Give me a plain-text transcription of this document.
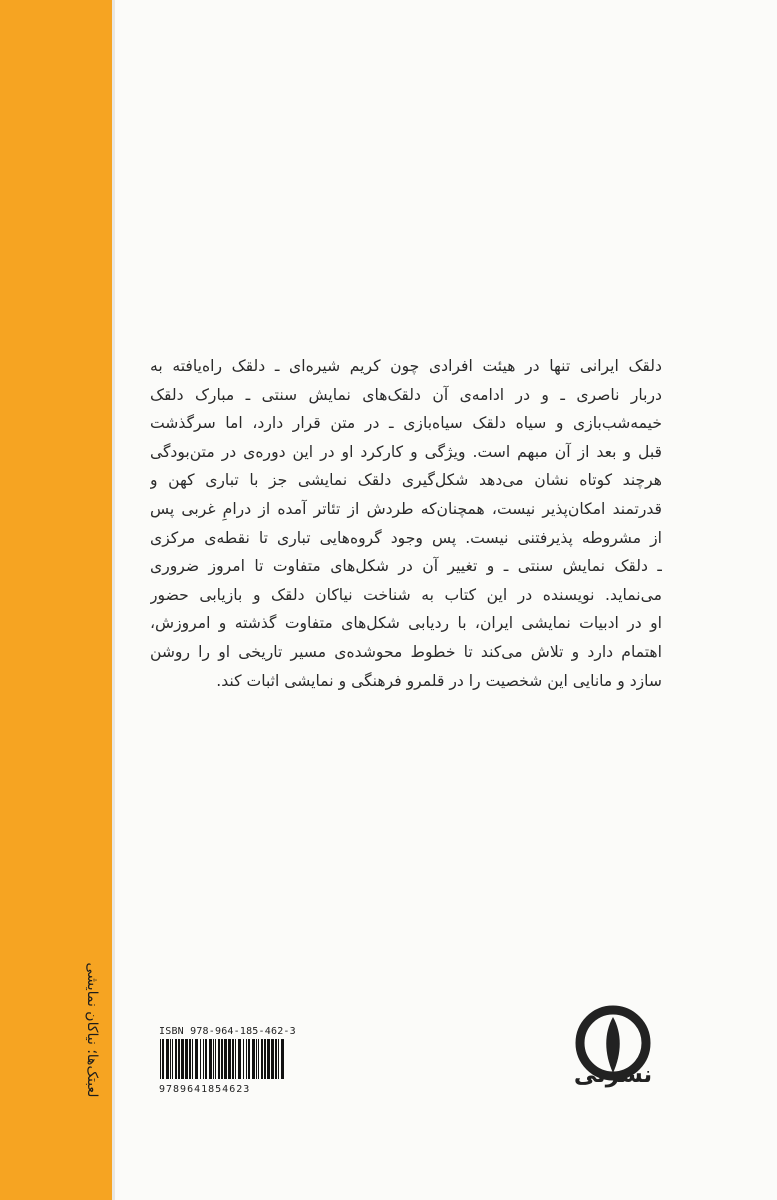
دلقک ایرانی تنها در هیئت افرادی چون کریم شیره‌ای ـ دلقک راه‌یافته به
دربار ناصری ـ و در ادامه‌ی آن دلقک‌های نمایش سنتی ـ مبارک دلقک
خیمه‌شب‌بازی و سیاه دلقک سیاه‌بازی ـ در متن قرار دارد، اما سرگذشت
قبل و بعد از آن مبهم است. ویژگی و کارکرد او در این دوره‌ی در متن‌بودگی
هرچند کوتاه نشان می‌دهد شکل‌گیری دلقک نمایشی جز با تباری کهن و
قدرتمند امکان‌پذیر نیست، همچنان‌که طردش از تئاتر آمده از درامِ غربی پس
از مشروطه پذیرفتنی نیست. پس وجود گروه‌هایی تباری تا نقطه‌ی مرکزی
ـ دلقک نمایش سنتی ـ و تغییر آن در شکل‌های متفاوت تا امروز ضروری
می‌نماید. نویسنده در این کتاب به شناخت نیاکان دلقک و بازیابی حضور
او در ادبیات نمایشی ایران، با ردیابی شکل‌های متفاوت گذشته و امروزش،
اهتمام دارد و تلاش می‌کند تا خطوط محوشده‌ی مسیر تاریخی او را روشن
سازد و مانایی این شخصیت را در قلمرو فرهنگی و نمایشی اثبات کند.
لعبتک‌ها؛ نیاکان نمایشی	ISBN 978-964-185-462-3
9789641854623
نشرنی
